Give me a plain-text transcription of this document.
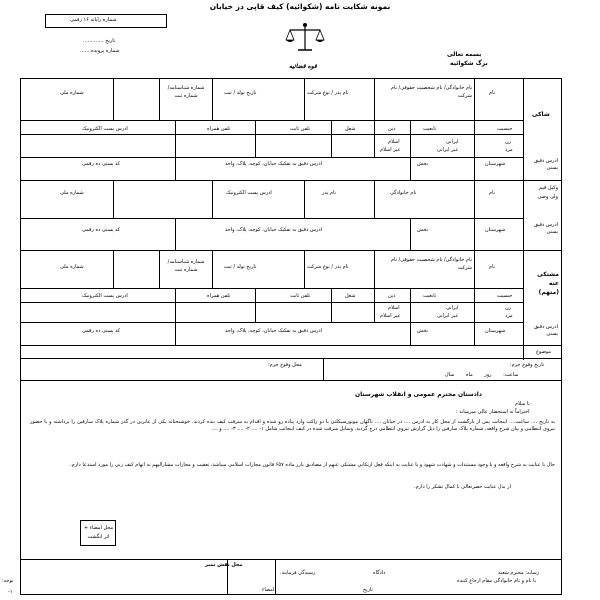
نمونه شکایت نامه (شکوائیه) کیف قاپی در خیابان
شماره رایانه ۱۶ رقمی
تاریخ .............
شماره پرونده.......
قوه قضائیه
بسمه تعالی
برگ شکوائیه
نام
نام خانوادگی/ نام شخصیت حقوقی/ نام شرکت
نام پدر / نوع شرکت
تاریخ تولد / ثبت
شماره شناسنامه/ شماره ثبت
شماره ملی
شاکی
جنسیت
تابعیت
دین
شغل
تلفن ثابت
تلفن همراه
ادرس پست الکترونیک
زن
مرد
ایرانی
غیر ایرانی
اسلام
غیر اسلام
ادرس دقیق پستی
شهرستان
بخش
ادرس دقیق به تفکیک خیابان، کوچه، پلاک، واحد
کد پستی ده رقمی
وکیل قیم ولی وصی
نام
نام خانوادگی
نام پدر
ادرس پست الکترونیک
شماره ملی
ادرس دقیق پستی
شهرستان
بخش
ادرس دقیق به تفکیک خیابان، کوچه، پلاک، واحد
کد پستی ده رقمی
نام
نام خانوادگی/ نام شخصیت حقوقی/ نام شرکت
نام پدر / نوع شرکت
تاریخ تولد / ثبت
شماره شناسنامه/ شماره ثبت
شماره ملی
مشتکی عنه (متهم)
جنسیت
تابعیت
دین
شغل
تلفن ثابت
تلفن همراه
ادرس پست الکترونیک
زن
مرد
ایرانی
غیر ایرانی
اسلام
غیر اسلام
ادرس دقیق پستی
شهرستان
بخش
ادرس دقیق به تفکیک خیابان، کوچه، پلاک، واحد
کد پستی ده رقمی
موضوع
تاریخ وقوع جرم:
محل وقوع جرم:
ساعت: روز ماه سال
دادستان محترم عمومی و انقلاب شهرستان
با سلام
احتراماً به استحضار عالی میرساند :
به تاریخ .... ساعت.... اینجانب پس از بازگشت از محل کار به ادرس .... در خیابان .... تاگهان موتورسیکلتی با دو راکب وارد پیاده رو شده و اقدام به سرقت کیف بنده کردند. خوشبختانه یکی از عابرین در گذر شماره پلاک سارقین را برداشته و با حضور نیروی انتظامی و بیان شرح واقعه، شماره پلاک سارقین را ذیل گزارش نیروی انتظامی درج گردید. وسایل سرقت شده در کیف اینجانب شامل ۱- .... ۲- .... ۳- .... و ....
حال با عنایت به شرح واقعه و با وجود مستندات و شهادت شهود و با عنایت به اینکه فعل ارتکابی مشتکی عنهم از مصادیق بارز ماده ۶۵۷ قانون مجازات اسلامی میباشد، تعقیب و مجازات مشارالیهم به اتهام کیف زنی را مورد استدعا دارم.
از بذل عنایت حضرتعالی با کمال تشکر را دارم.
محل امضاء + اثر انگشت
محل نقش تمبر
رسانه: محترم شعبه
با نام و نام خانوادگی مقام ارجاع کننده
دادگاه
رسیدگی فرمایند.
تاریخ
امضاء
توجه:
۱-
